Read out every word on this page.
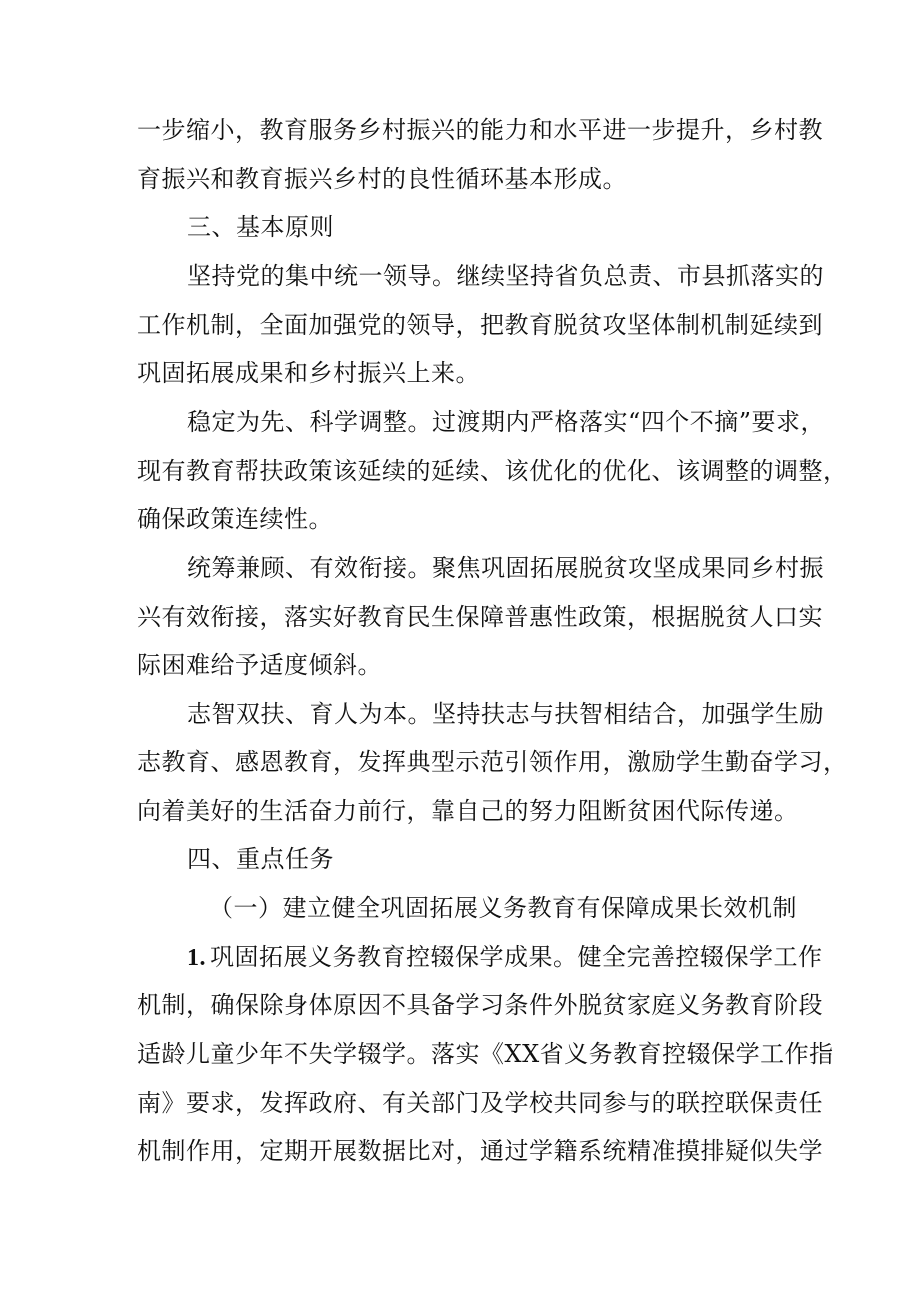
一步缩小，教育服务乡村振兴的能力和水平进一步提升，乡村教
育振兴和教育振兴乡村的良性循环基本形成。
三、基本原则
坚持党的集中统一领导。继续坚持省负总责、市县抓落实的
工作机制，全面加强党的领导，把教育脱贫攻坚体制机制延续到
巩固拓展成果和乡村振兴上来。
稳定为先、科学调整。过渡期内严格落实“四个不摘”要求，
现有教育帮扶政策该延续的延续、该优化的优化、该调整的调整，
确保政策连续性。
统筹兼顾、有效衔接。聚焦巩固拓展脱贫攻坚成果同乡村振
兴有效衔接，落实好教育民生保障普惠性政策，根据脱贫人口实
际困难给予适度倾斜。
志智双扶、育人为本。坚持扶志与扶智相结合，加强学生励
志教育、感恩教育，发挥典型示范引领作用，激励学生勤奋学习，
向着美好的生活奋力前行，靠自己的努力阻断贫困代际传递。
四、重点任务
（一）建立健全巩固拓展义务教育有保障成果长效机制
1. 巩固拓展义务教育控辍保学成果。健全完善控辍保学工作
机制，确保除身体原因不具备学习条件外脱贫家庭义务教育阶段
适龄儿童少年不失学辍学。落实《XX省义务教育控辍保学工作指
南》要求，发挥政府、有关部门及学校共同参与的联控联保责任
机制作用，定期开展数据比对，通过学籍系统精准摸排疑似失学
